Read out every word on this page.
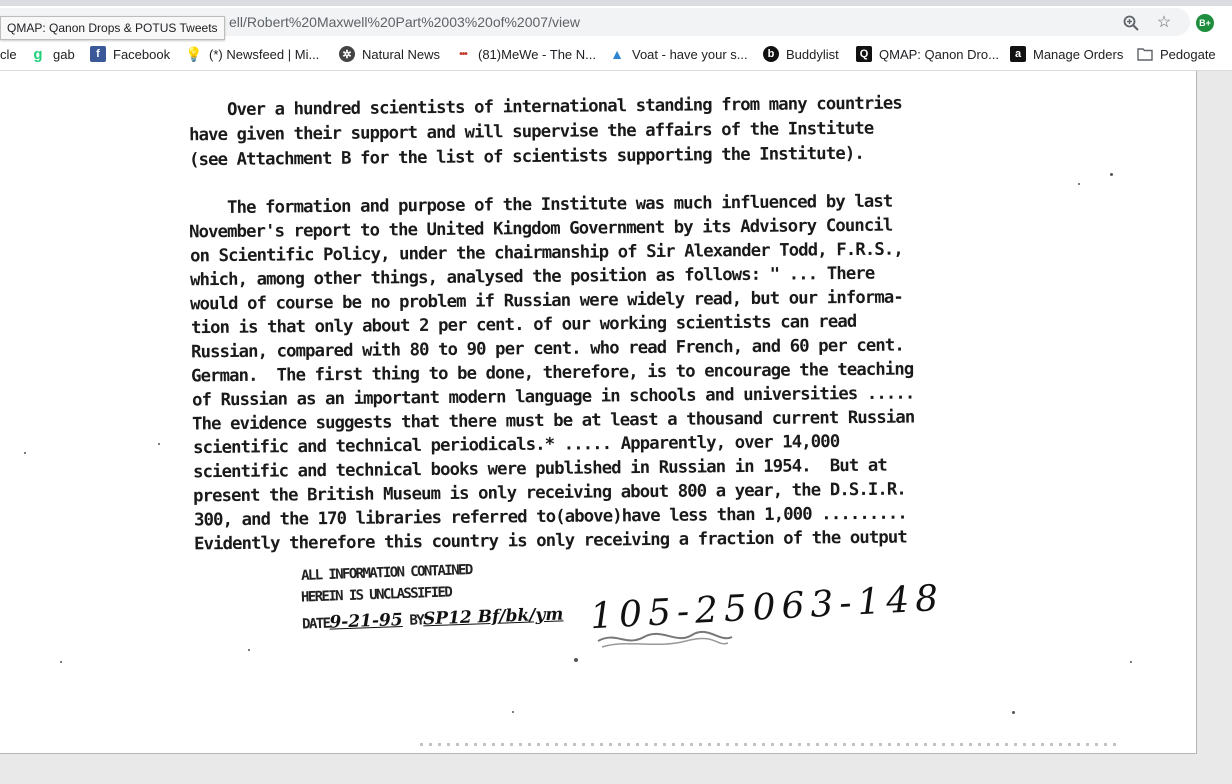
ell/Robert%20Maxwell%20Part%2003%20of%2007/view	☆	B+
QMAP: Qanon Drops & POTUS Tweets
cle g gab	f	Facebook 💡 (*) Newsfeed | Mi...	✲ Natural News	••• (81)MeWe - The N... ▲ Voat - have your s...	b Buddylist	Q QMAP: Qanon Dro...	a Manage Orders	Pedogate
Over a hundred scientists of international standing from many countries
have given their support and will supervise the affairs of the Institute
(see Attachment B for the list of scientists supporting the Institute).
The formation and purpose of the Institute was much influenced by last
November's report to the United Kingdom Government by its Advisory Council
on Scientific Policy, under the chairmanship of Sir Alexander Todd, F.R.S.,
which, among other things, analysed the position as follows: " ... There
would of course be no problem if Russian were widely read, but our informa-
tion is that only about 2 per cent. of our working scientists can read
Russian, compared with 80 to 90 per cent. who read French, and 60 per cent.
German.  The first thing to be done, therefore, is to encourage the teaching
of Russian as an important modern language in schools and universities .....
The evidence suggests that there must be at least a thousand current Russian
scientific and technical periodicals.* ..... Apparently, over 14,000
scientific and technical books were published in Russian in 1954.  But at
present the British Museum is only receiving about 800 a year, the D.S.I.R.
300, and the 170 libraries referred to(above)have less than 1,000 .........
Evidently therefore this country is only receiving a fraction of the output
ALL INFORMATION CONTAINED
HEREIN IS UNCLASSIFIED
DATE9-21-95 BYSP12 Bf/bk/ym 105-25063-148
